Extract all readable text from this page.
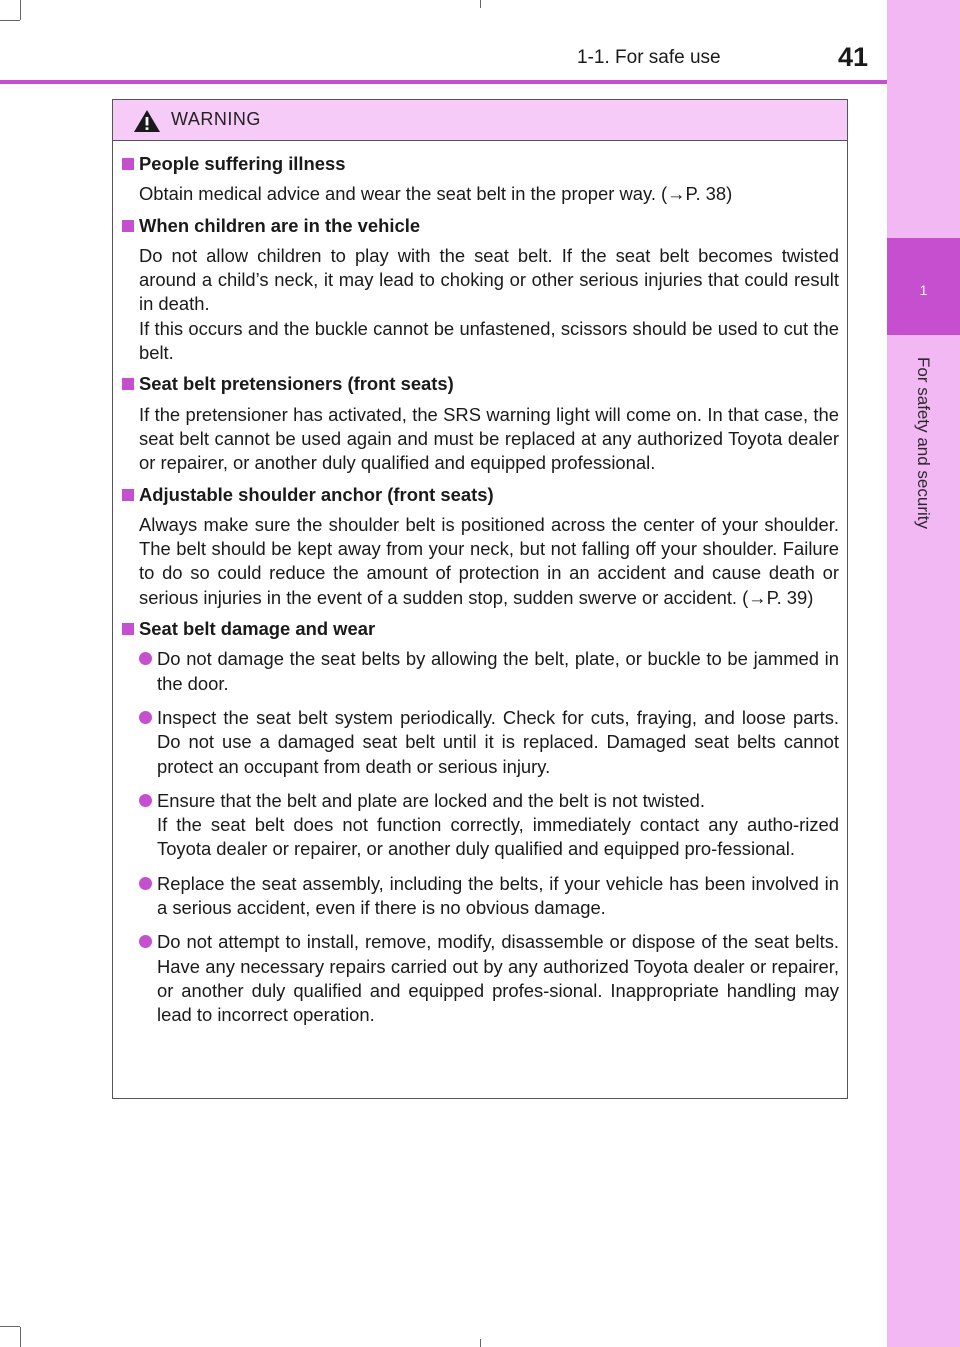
1
For safety and security
1-1. For safe use	41
WARNING
People suffering illness

Obtain medical advice and wear the seat belt in the proper way. (→P. 38)

When children are in the vehicle

Do not allow children to play with the seat belt. If the seat belt becomes twisted around a child’s neck, it may lead to choking or other serious injuries that could result in death.

If this occurs and the buckle cannot be unfastened, scissors should be used to cut the belt.

Seat belt pretensioners (front seats)

If the pretensioner has activated, the SRS warning light will come on. In that case, the seat belt cannot be used again and must be replaced at any authorized Toyota dealer or repairer, or another duly qualified and equipped professional.

Adjustable shoulder anchor (front seats)

Always make sure the shoulder belt is positioned across the center of your shoulder. The belt should be kept away from your neck, but not falling off your shoulder. Failure to do so could reduce the amount of protection in an accident and cause death or serious injuries in the event of a sudden stop, sudden swerve or accident. (→P. 39)

Seat belt damage and wear
Do not damage the seat belts by allowing the belt, plate, or buckle to be jammed in the door.
Inspect the seat belt system periodically. Check for cuts, fraying, and loose parts. Do not use a damaged seat belt until it is replaced. Damaged seat belts cannot protect an occupant from death or serious injury.
Ensure that the belt and plate are locked and the belt is not twisted.
If the seat belt does not function correctly, immediately contact any autho-rized Toyota dealer or repairer, or another duly qualified and equipped pro-fessional.
Replace the seat assembly, including the belts, if your vehicle has been involved in a serious accident, even if there is no obvious damage.
Do not attempt to install, remove, modify, disassemble or dispose of the seat belts. Have any necessary repairs carried out by any authorized Toyota dealer or repairer, or another duly qualified and equipped profes-sional. Inappropriate handling may lead to incorrect operation.
